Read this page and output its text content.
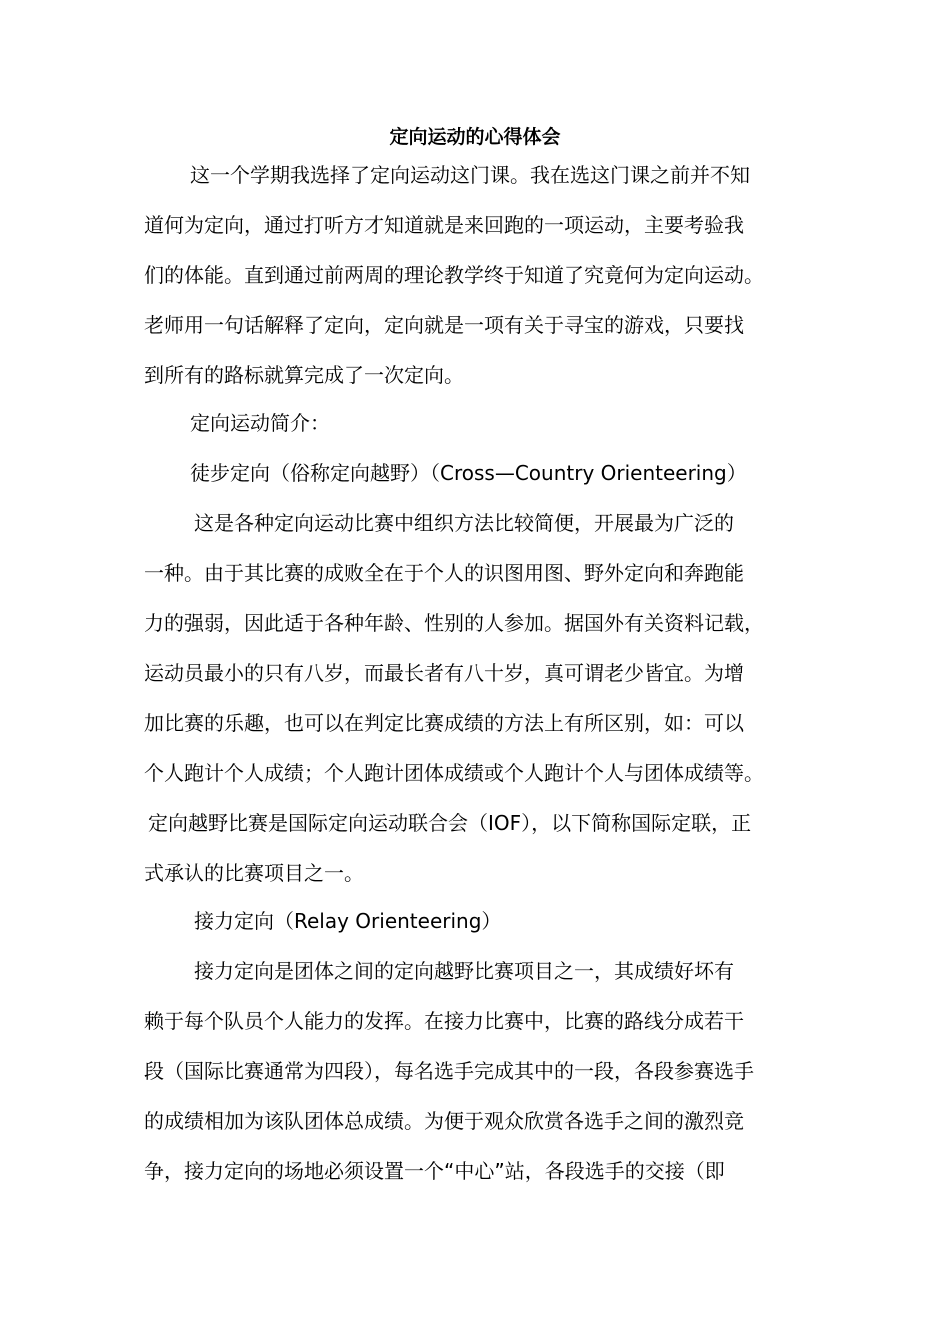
定向运动的心得体会
这一个学期我选择了定向运动这门课。我在选这门课之前并不知
道何为定向，通过打听方才知道就是来回跑的一项运动，主要考验我
们的体能。直到通过前两周的理论教学终于知道了究竟何为定向运动。
老师用一句话解释了定向，定向就是一项有关于寻宝的游戏，只要找
到所有的路标就算完成了一次定向。
定向运动简介：
徒步定向（俗称定向越野）（Cross—Country Orienteering）
这是各种定向运动比赛中组织方法比较简便，开展最为广泛的
一种。由于其比赛的成败全在于个人的识图用图、野外定向和奔跑能
力的强弱，因此适于各种年龄、性别的人参加。据国外有关资料记载，
运动员最小的只有八岁，而最长者有八十岁，真可谓老少皆宜。为增
加比赛的乐趣，也可以在判定比赛成绩的方法上有所区别，如：可以
个人跑计个人成绩；个人跑计团体成绩或个人跑计个人与团体成绩等。
定向越野比赛是国际定向运动联合会（IOF），以下简称国际定联，正
式承认的比赛项目之一。
接力定向（Relay Orienteering）
接力定向是团体之间的定向越野比赛项目之一，其成绩好坏有
赖于每个队员个人能力的发挥。在接力比赛中，比赛的路线分成若干
段（国际比赛通常为四段），每名选手完成其中的一段，各段参赛选手
的成绩相加为该队团体总成绩。为便于观众欣赏各选手之间的激烈竞
争，接力定向的场地必须设置一个“中心”站，各段选手的交接（即
